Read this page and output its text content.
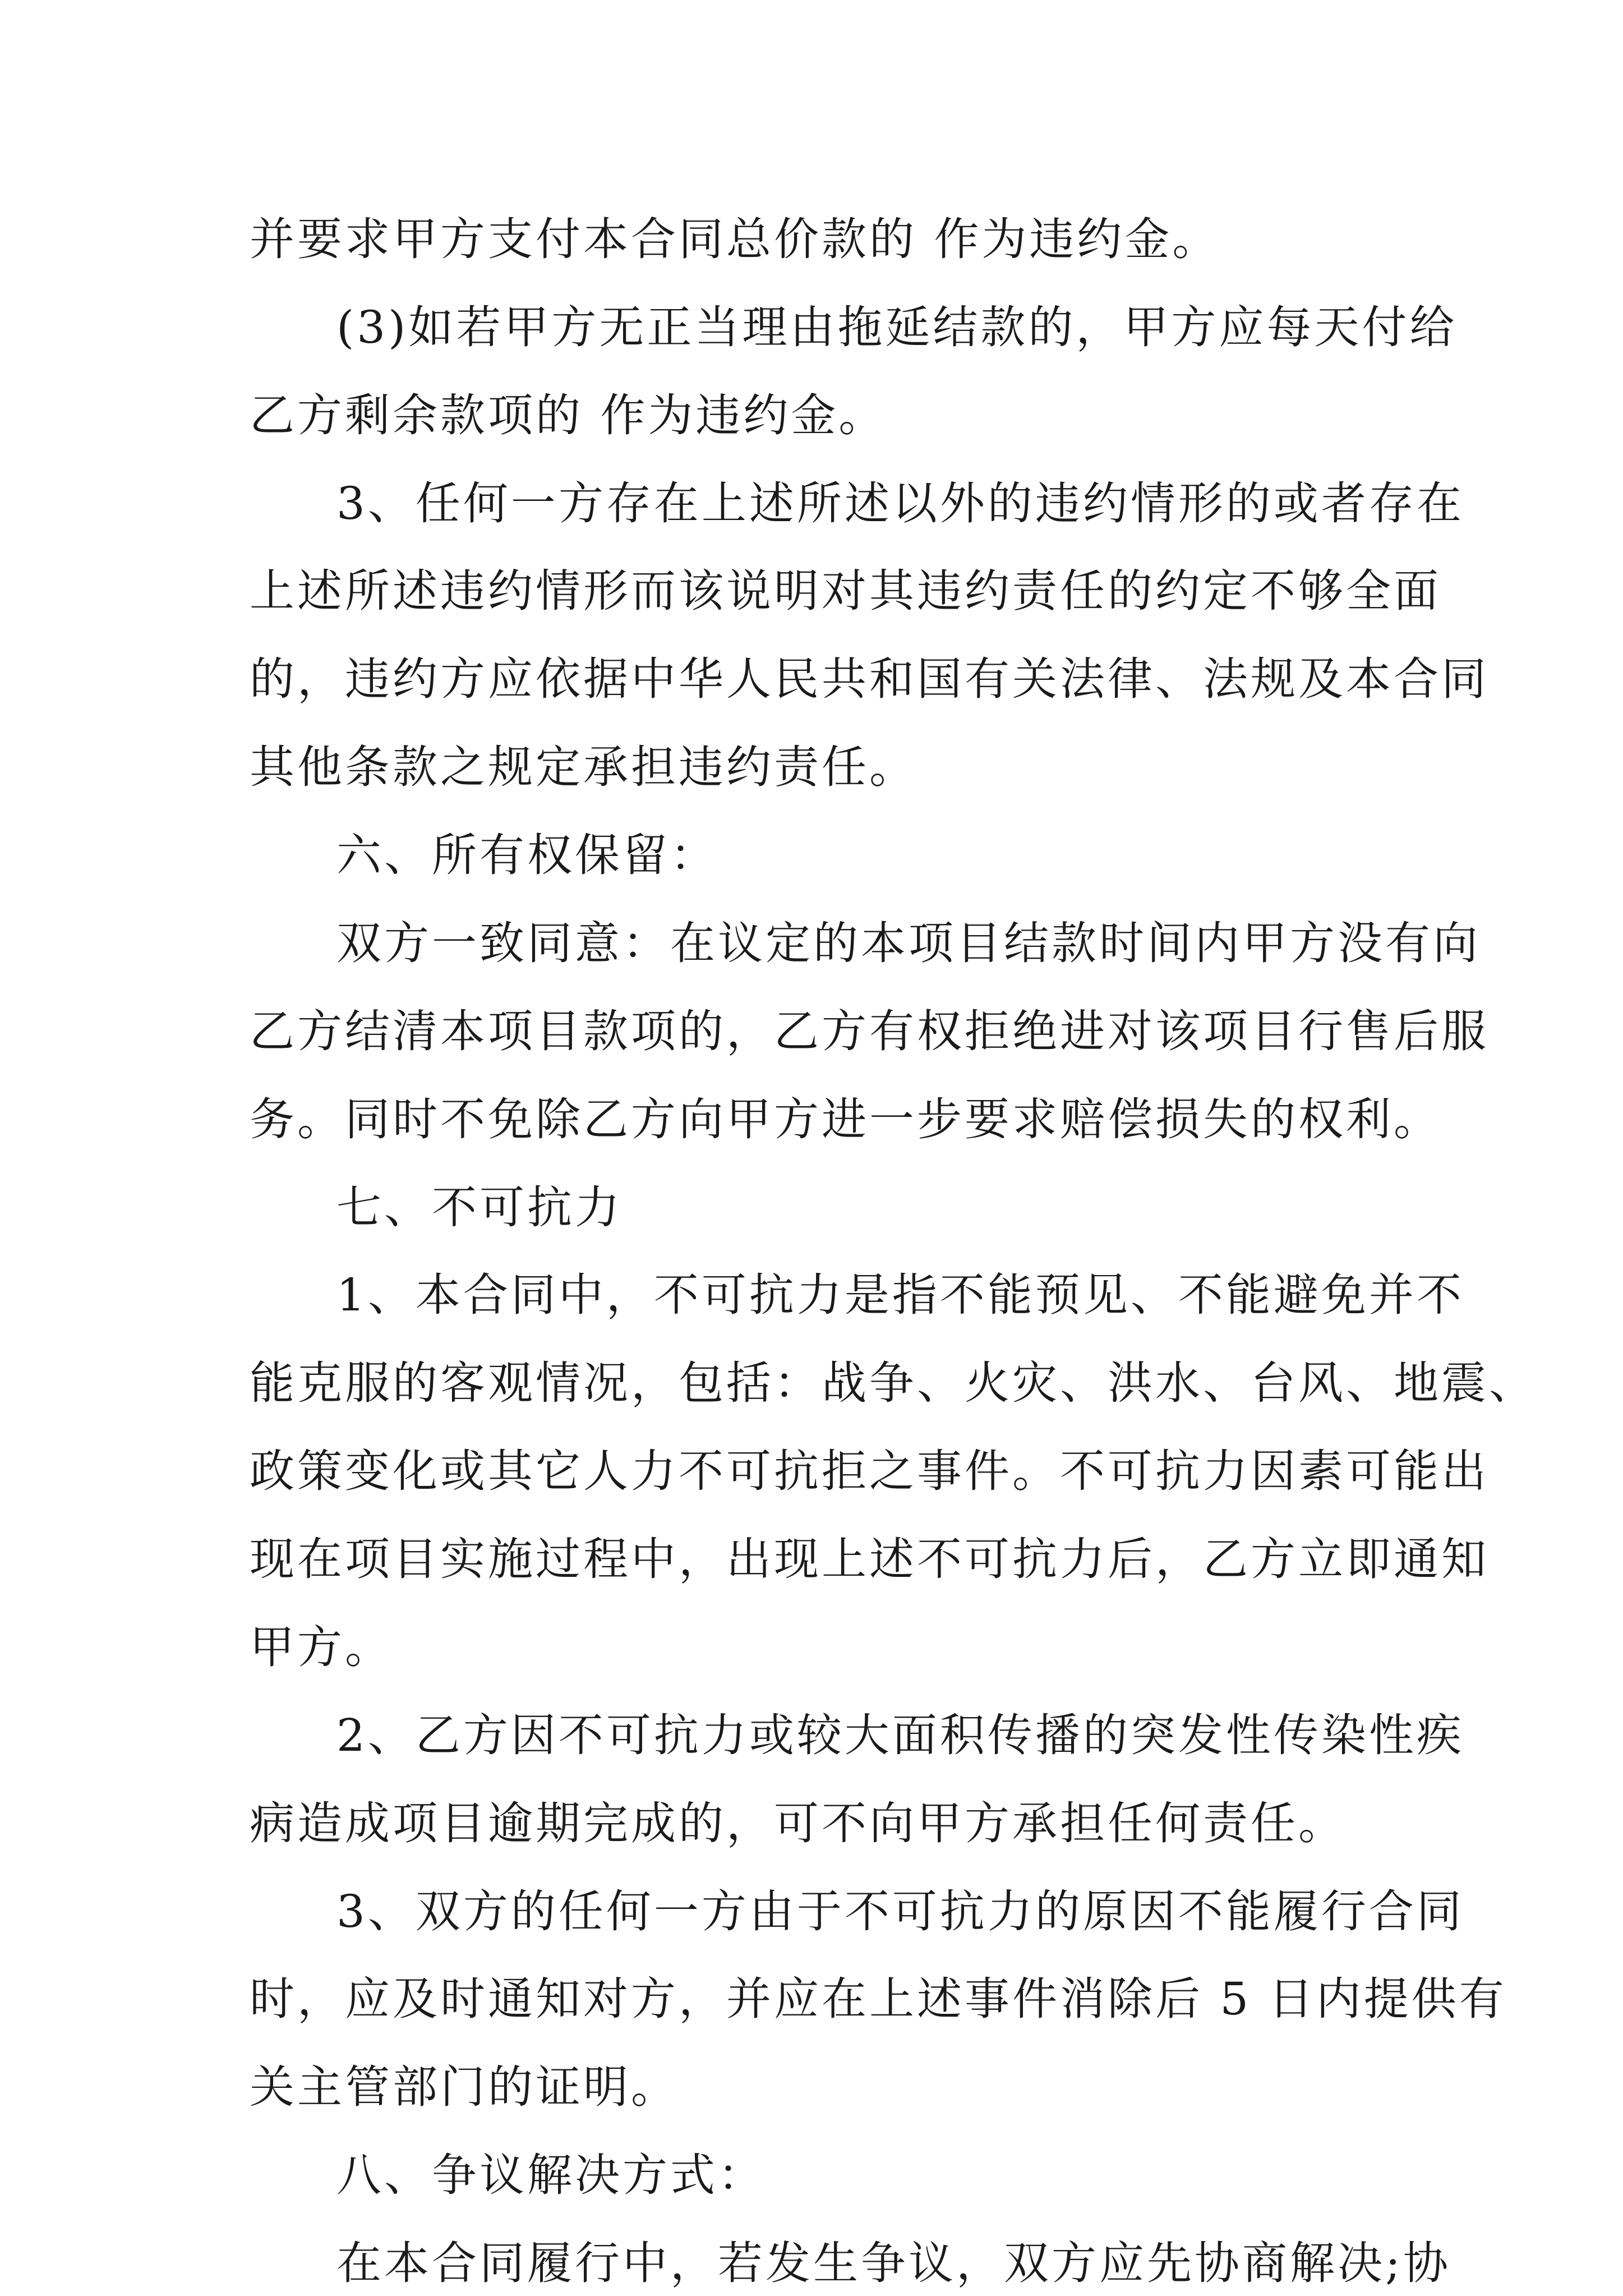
并要求甲方支付本合同总价款的 作为违约金。

(3)如若甲方无正当理由拖延结款的，甲方应每天付给

乙方剩余款项的 作为违约金。

3、任何一方存在上述所述以外的违约情形的或者存在

上述所述违约情形而该说明对其违约责任的约定不够全面

的，违约方应依据中华人民共和国有关法律、法规及本合同

其他条款之规定承担违约责任。

六、所有权保留：

双方一致同意：在议定的本项目结款时间内甲方没有向

乙方结清本项目款项的，乙方有权拒绝进对该项目行售后服

务。同时不免除乙方向甲方进一步要求赔偿损失的权利。

七、不可抗力

1、本合同中，不可抗力是指不能预见、不能避免并不

能克服的客观情况，包括：战争、火灾、洪水、台风、地震、

政策变化或其它人力不可抗拒之事件。不可抗力因素可能出

现在项目实施过程中，出现上述不可抗力后，乙方立即通知

甲方。

2、乙方因不可抗力或较大面积传播的突发性传染性疾

病造成项目逾期完成的，可不向甲方承担任何责任。

3、双方的任何一方由于不可抗力的原因不能履行合同

时，应及时通知对方，并应在上述事件消除后 5 日内提供有

关主管部门的证明。

八、争议解决方式：

在本合同履行中，若发生争议，双方应先协商解决;协
